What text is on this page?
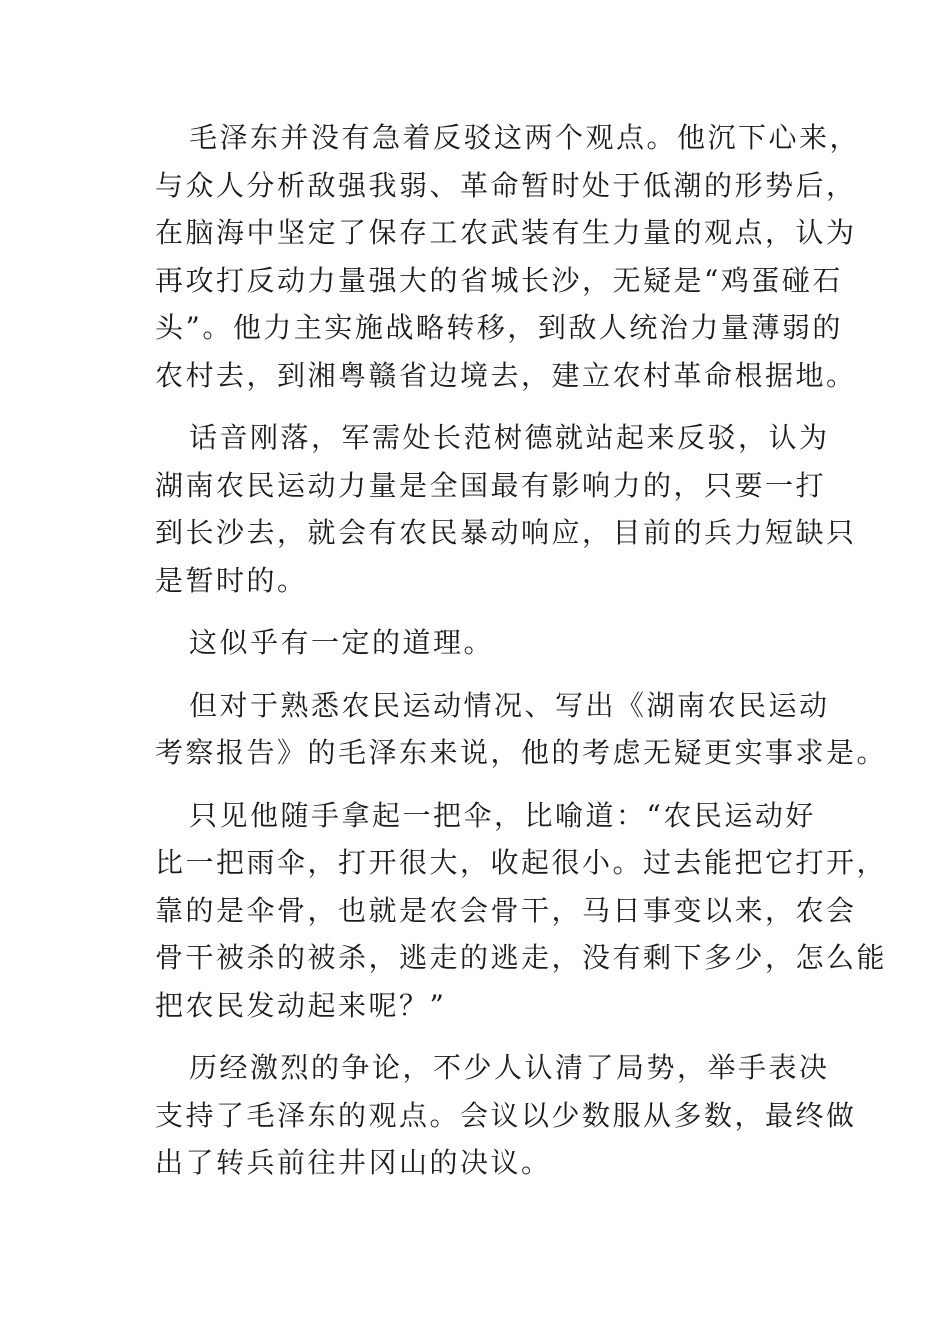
毛泽东并没有急着反驳这两个观点。他沉下心来，
与众人分析敌强我弱、革命暂时处于低潮的形势后，
在脑海中坚定了保存工农武装有生力量的观点，认为
再攻打反动力量强大的省城长沙，无疑是“鸡蛋碰石
头”。他力主实施战略转移，到敌人统治力量薄弱的
农村去，到湘粤赣省边境去，建立农村革命根据地。

话音刚落，军需处长范树德就站起来反驳，认为
湖南农民运动力量是全国最有影响力的，只要一打
到长沙去，就会有农民暴动响应，目前的兵力短缺只
是暂时的。

这似乎有一定的道理。

但对于熟悉农民运动情况、写出《湖南农民运动
考察报告》的毛泽东来说，他的考虑无疑更实事求是。

只见他随手拿起一把伞，比喻道：“农民运动好
比一把雨伞，打开很大，收起很小。过去能把它打开，
靠的是伞骨，也就是农会骨干，马日事变以来，农会
骨干被杀的被杀，逃走的逃走，没有剩下多少，怎么能
把农民发动起来呢？”

历经激烈的争论，不少人认清了局势，举手表决
支持了毛泽东的观点。会议以少数服从多数，最终做
出了转兵前往井冈山的决议。
